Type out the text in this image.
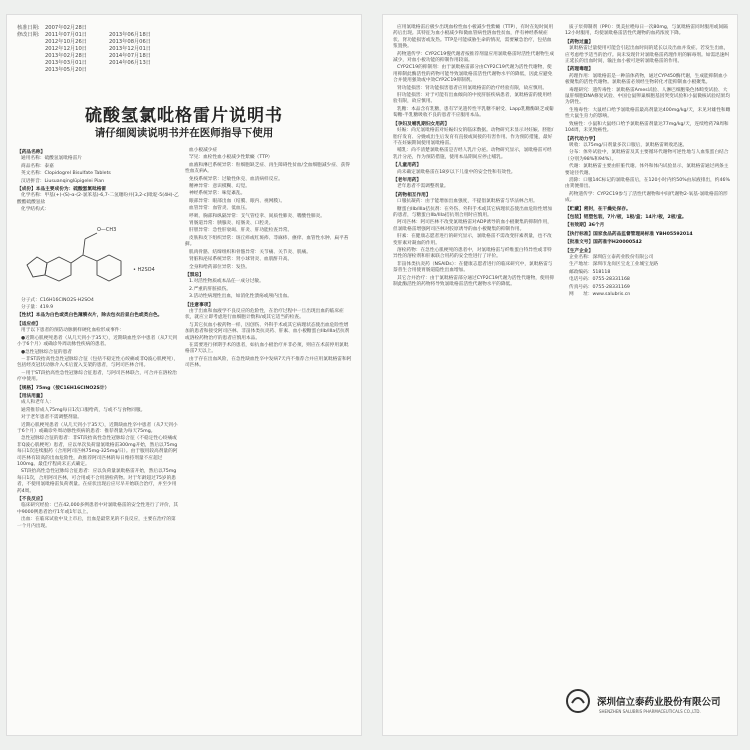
核准日期:	2007年02月28日
修改日期:	2011年07月01日	2013年06月18日
2012年10月26日	2013年08月06日
2012年12月10日	2013年12月01日
2013年02月28日	2014年07月18日
2013年03月01日	2014年06月13日
2013年05月20日
硫酸氢氯吡格雷片说明书
请仔细阅读说明书并在医师指导下使用
【药品名称】
通用名称：硫酸氢氯吡格雷片
商品名称：泰嘉
英文名称：Clopidogrel Bisulfate Tablets
汉语拼音：Liusuanqinglüpigelei Pian
【成份】本品主要成份为：硫酸氢氯吡格雷
化学名称：甲基(+)-(S)-α-(2-氯苯基)-6,7-二氢噻吩并[3,2-c]吡啶-5(4H)-乙酸酯硫酸氢盐
化学结构式：
O—CH3
• H2SO4
分子式：C16H16ClNO2S·H2SO4
分子量：419.9
【性状】本品为白色或类白色薄膜衣片，除去包衣后显白色或类白色。
【适应症】
用于以下患者的预防动脉粥样硬化血栓形成事件：
●近期心肌梗死患者（从几天到小于35天），近期缺血性卒中患者（从7天到小于6个月）或确诊外周动脉性疾病的患者。
●急性冠脉综合征的患者
－非ST段抬高性急性冠脉综合征（包括不稳定性心绞痛或非Q波心肌梗死），包括经皮冠状动脉介入术后置入支架的患者，与阿司匹林合用。
－用于ST段抬高性急性冠脉综合征患者，与阿司匹林联合，可合并在溶栓治疗中使用。
【规格】75mg（按C16H16ClNO2S计）
【用法用量】
成人和老年人：
通常推荐成人75mg每日1次口服给药，与或不与食物同服。
对于老年患者不需调整剂量。
近期心肌梗死患者（从几天到小于35天），近期缺血性卒中患者（从7天到小于6个月）或确诊外周动脉性疾病的患者：推荐剂量为每天75mg。
急性冠脉综合征的患者：非ST段抬高性急性冠脉综合征（不稳定性心绞痛或非Q波心肌梗死）患者，应以单次负荷量氯吡格雷300mg开始，然后以75mg每日1次连续服药（合用阿司匹林75mg-325mg/日）。由于服用较高剂量的阿司匹林有较高的出血危险性，故推荐阿司匹林的每日维持剂量不应超过100mg。最佳疗程尚未正式确定。
ST段抬高性急性冠脉综合征患者：应以负荷量氯吡格雷开始，然后以75mg每日1次，合用阿司匹林，可合用或不合用溶栓药物。对于年龄超过75岁的患者，不使用氯吡格雷负荷剂量。在症状出现后应尽早开始联合治疗，并至少用药4周。
【不良反应】
临床研究经验：已在42,000多例患者中对氯吡格雷的安全性进行了评价，其中9000例患者治疗1年或1年以上。
出血：在临床试验中及上市后，出血是最常见的不良反应，主要在治疗的第一个月内出现。
血小板减少症
罕见：血栓性血小板减少性紫癜（TTP）
血液和淋巴系统异常：粒细胞缺乏症、再生障碍性贫血/全血细胞减少症、获得性血友病A。
免疫系统异常：过敏性休克、血清病样反应。
精神异常：意识模糊、幻觉。
神经系统异常：味觉紊乱。
眼部异常：眼部出血（结膜、眼内、视网膜）。
血管异常：血管炎、低血压。
呼吸、胸部和纵隔异常：支气管痉挛、间质性肺炎、嗜酸性肺炎。
胃肠道异常：胰腺炎、结肠炎、口腔炎。
肝胆异常：急性肝衰竭、肝炎、肝功能检查异常。
皮肤和皮下组织异常：斑丘疹或红斑疹、荨麻疹、瘙痒、血管性水肿、扁平苔藓。
肌肉骨骼、结缔组织和骨骼异常：关节痛、关节炎、肌痛。
肾脏和泌尿系统异常：肾小球肾炎、血肌酐升高。
全身和给药部位异常：发热。
【禁忌】
1.对活性物质或本品任一成分过敏。
2.严重的肝脏损伤。
3.活动性病理性出血，如消化性溃疡或颅内出血。
【注意事项】
由于出血和血液学不良反应的危险性，在治疗过程中一旦出现出血的临床症状，就应立即考虑进行血细胞计数和/或其它适当的检查。
与其它抗血小板药物一样，因创伤、外科手术或其它病理状态使出血危险性增加的患者和接受阿司匹林、非甾体类抗炎药、肝素、血小板糖蛋白IIb/IIIa拮抗剂或溶栓药物治疗的患者应慎用本品。
在需要进行择期手术的患者，如抗血小板治疗并非必须，则应在术前停用氯吡格雷7天以上。
由于存在出血风险，在急性缺血性卒中发病7天内不推荐合并应用氯吡格雷和阿司匹林。
应用氯吡格雷后极少出现血栓性血小板减少性紫癜（TTP），有时在短时间用药后出现。其特征为血小板减少和微血管病性溶血性贫血，伴有神经系统症状、肾功能损害或发热。TTP是可能威胁生命的情况，需要紧急治疗，包括血浆置换。
药物遗传学：CYP2C19慢代谢者按推荐剂量应用氯吡格雷时活性代谢物生成减少，对血小板功能的抑制作用较弱。
CYP2C19的抑制剂：由于氯吡格雷部分由CYP2C19代谢为活性代谢物，使用抑制此酶活性的药物可能导致氯吡格雷活性代谢物水平的降低，因此应避免合并使用强效或中效CYP2C19抑制剂。
肾功能损害：肾功能损害患者应用氯吡格雷的治疗经验有限，故应慎用。
肝功能损害：对于可能有出血倾向的中度肝脏疾病患者，氯吡格雷的使用经验有限，故应慎用。
乳糖：本品含有乳糖，患有罕见遗传性半乳糖不耐受、Lapp乳糖酶缺乏或葡萄糖-半乳糖吸收不良的患者不应服用本品。
【孕妇及哺乳期妇女用药】
妊娠：尚无氯吡格雷对妊娠妇女的临床数据。动物研究未显示对妊娠、胚胎/胎仔发育、分娩或出生后发育有直接或间接的有害作用。作为预防措施，最好不在妊娠期间使用氯吡格雷。
哺乳：尚不清楚氯吡格雷是否经人乳汁分泌。动物研究显示，氯吡格雷可经乳汁分泌，作为预防措施，使用本品期间应停止哺乳。
【儿童用药】
尚未确定氯吡格雷在18岁以下儿童中的安全性和有效性。
【老年用药】
老年患者不需调整剂量。
【药物相互作用】
口服抗凝药：由于能增加出血强度，不提倡氯吡格雷与华法林合用。
糖蛋白IIb/IIIa拮抗剂：在外伤、外科手术或其它病理状态使出血危险性增加的患者，与糖蛋白IIb/IIIa拮抗剂合用时应慎用。
阿司匹林：阿司匹林不改变氯吡格雷对ADP诱导的血小板聚集的抑制作用，但氯吡格雷增强阿司匹林对胶原诱导的血小板聚集的抑制作用。
肝素：在健康志愿者进行的研究显示，氯吡格雷不需改变肝素剂量，也不改变肝素对凝血的作用。
溶栓药物：在急性心肌梗死的患者中，对氯吡格雷与纤维蛋白特异性或非特异性的溶栓剂和肝素联合用药的安全性进行了评价。
非甾体类抗炎药（NSAIDs）：在健康志愿者进行的临床研究中，氯吡格雷与萘普生合用使胃肠道隐性出血增加。
其它合并治疗：由于氯吡格雷部分通过CYP2C19代谢为活性代谢物，使用抑制此酶活性的药物将导致氯吡格雷活性代谢物水平的降低。
质子泵抑制剂（PPI）：奥美拉唑每日一次80mg，与氯吡格雷同时服用或间隔12小时服用，均使氯吡格雷活性代谢物的血药浓度下降。
【药物过量】
氯吡格雷过量使用可能会引起出血时间的延长以及出血并发症。若发生出血，应考虑给予适当的治疗。尚未发现针对氯吡格雷药理作用的解毒剂。如需迅速纠正延长的出血时间，输注血小板可逆转氯吡格雷的作用。
【药理毒理】
药理作用：氯吡格雷是一种前体药物，通过CYP450酶代谢，生成能抑制血小板聚集的活性代谢物。氯吡格雷必须经生物转化才能抑制血小板聚集。
毒理研究：遗传毒性：氯吡格雷Ames试验、人淋巴细胞染色体畸变试验、大鼠肝细胞DNA修复试验、中国仓鼠卵巢细胞基因突变试验和小鼠微核试验结果均为阴性。
生殖毒性：大鼠经口给予氯吡格雷最高剂量达400mg/kg/天，未见对雄性和雌性大鼠生育力的影响。
致癌性：小鼠和大鼠经口给予氯吡格雷剂量达77mg/kg/天，连续给药78周和104周，未见致癌性。
【药代动力学】
吸收：以75mg/日剂量多次口服后，氯吡格雷吸收迅速。
分布：体外试验中，氯吡格雷及其主要循环代谢物可逆性地与人血浆蛋白结合（分别为98%和94%）。
代谢：氯吡格雷主要由肝脏代谢。体外和体内试验显示，氯吡格雷通过两条主要途径代谢。
消除：口服14C标记的氯吡格雷后，在120小时内约50%由尿液排出，约46%由粪便排出。
药物遗传学：CYP2C19参与了活性代谢物和中间代谢物2-氧基-氯吡格雷的形成。
【贮藏】密封，在干燥处保存。
【包装】铝塑包装，7片/板，1板/盒；14片/板，2板/盒。
【有效期】36个月
【执行标准】国家食品药品监督管理局标准 YBH05592014
【批准文号】国药准字H20000542
【生产企业】
企业名称：深圳信立泰药业股份有限公司
生产地址：深圳市龙岗区宝龙工业城宝龙路
邮政编码：518118
电话号码：0755-28331168
传真号码：0755-28331169
网　　址：www.salubris.cn
深圳信立泰药业股份有限公司
SHENZHEN SALUBRIS PHARMACEUTICALS CO.,LTD.
